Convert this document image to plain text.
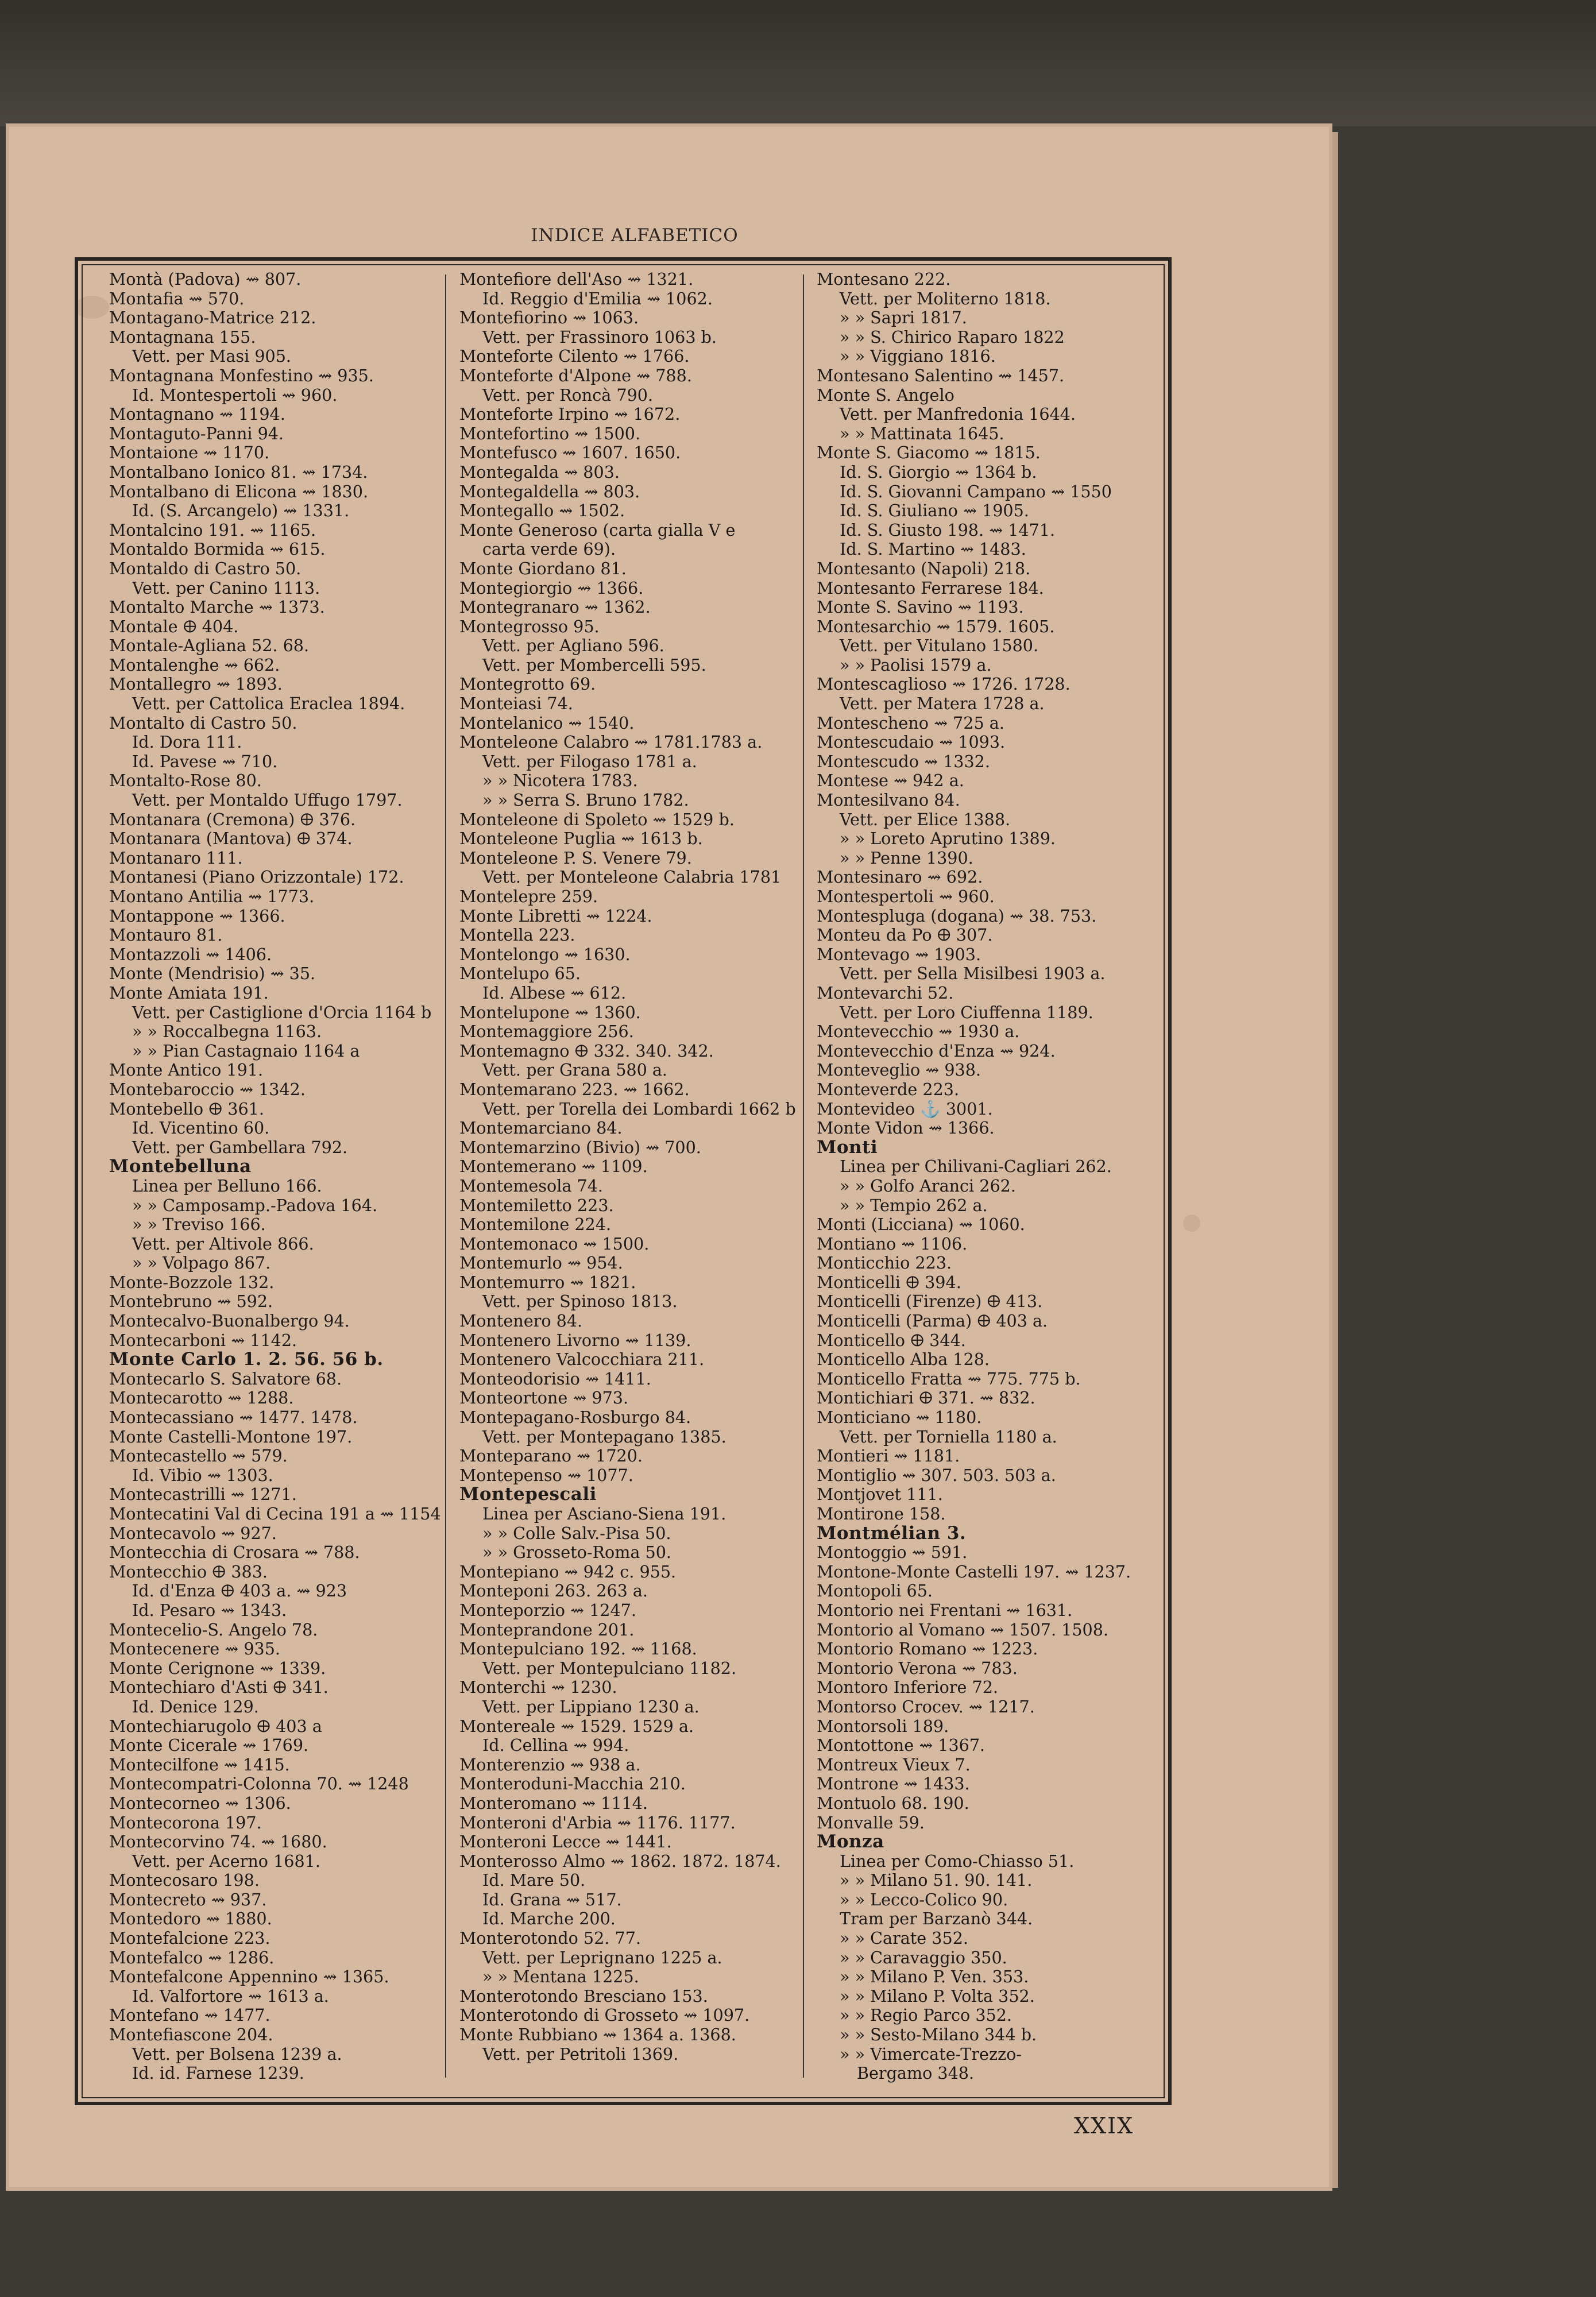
INDICE ALFABETICO
Montà (Padova) ⇝ 807.
Montafia ⇝ 570.
Montagano-Matrice 212.
Montagnana 155.
Vett. per Masi 905.
Montagnana Monfestino ⇝ 935.
Id. Montespertoli ⇝ 960.
Montagnano ⇝ 1194.
Montaguto-Panni 94.
Montaione ⇝ 1170.
Montalbano Ionico 81. ⇝ 1734.
Montalbano di Elicona ⇝ 1830.
Id. (S. Arcangelo) ⇝ 1331.
Montalcino 191. ⇝ 1165.
Montaldo Bormida ⇝ 615.
Montaldo di Castro 50.
Vett. per Canino 1113.
Montalto Marche ⇝ 1373.
Montale 🜨 404.
Montale-Agliana 52. 68.
Montalenghe ⇝ 662.
Montallegro ⇝ 1893.
Vett. per Cattolica Eraclea 1894.
Montalto di Castro 50.
Id. Dora 111.
Id. Pavese ⇝ 710.
Montalto-Rose 80.
Vett. per Montaldo Uffugo 1797.
Montanara (Cremona) 🜨 376.
Montanara (Mantova) 🜨 374.
Montanaro 111.
Montanesi (Piano Orizzontale) 172.
Montano Antilia ⇝ 1773.
Montappone ⇝ 1366.
Montauro 81.
Montazzoli ⇝ 1406.
Monte (Mendrisio) ⇝ 35.
Monte Amiata 191.
Vett. per Castiglione d'Orcia 1164 b
» » Roccalbegna 1163.
» » Pian Castagnaio 1164 a
Monte Antico 191.
Montebaroccio ⇝ 1342.
Montebello 🜨 361.
Id. Vicentino 60.
Vett. per Gambellara 792.
Montebelluna
Linea per Belluno 166.
» » Camposamp.-Padova 164.
» » Treviso 166.
Vett. per Altivole 866.
» » Volpago 867.
Monte-Bozzole 132.
Montebruno ⇝ 592.
Montecalvo-Buonalbergo 94.
Montecarboni ⇝ 1142.
Monte Carlo 1. 2. 56. 56 b.
Montecarlo S. Salvatore 68.
Montecarotto ⇝ 1288.
Montecassiano ⇝ 1477. 1478.
Monte Castelli-Montone 197.
Montecastello ⇝ 579.
Id. Vibio ⇝ 1303.
Montecastrilli ⇝ 1271.
Montecatini Val di Cecina 191 a ⇝ 1154
Montecavolo ⇝ 927.
Montecchia di Crosara ⇝ 788.
Montecchio 🜨 383.
Id. d'Enza 🜨 403 a. ⇝ 923
Id. Pesaro ⇝ 1343.
Montecelio-S. Angelo 78.
Montecenere ⇝ 935.
Monte Cerignone ⇝ 1339.
Montechiaro d'Asti 🜨 341.
Id. Denice 129.
Montechiarugolo 🜨 403 a
Monte Cicerale ⇝ 1769.
Montecilfone ⇝ 1415.
Montecompatri-Colonna 70. ⇝ 1248
Montecorneo ⇝ 1306.
Montecorona 197.
Montecorvino 74. ⇝ 1680.
Vett. per Acerno 1681.
Montecosaro 198.
Montecreto ⇝ 937.
Montedoro ⇝ 1880.
Montefalcione 223.
Montefalco ⇝ 1286.
Montefalcone Appennino ⇝ 1365.
Id. Valfortore ⇝ 1613 a.
Montefano ⇝ 1477.
Montefiascone 204.
Vett. per Bolsena 1239 a.
Id. id. Farnese 1239.
Montefiore dell'Aso ⇝ 1321.
Id. Reggio d'Emilia ⇝ 1062.
Montefiorino ⇝ 1063.
Vett. per Frassinoro 1063 b.
Monteforte Cilento ⇝ 1766.
Monteforte d'Alpone ⇝ 788.
Vett. per Roncà 790.
Monteforte Irpino ⇝ 1672.
Montefortino ⇝ 1500.
Montefusco ⇝ 1607. 1650.
Montegalda ⇝ 803.
Montegaldella ⇝ 803.
Montegallo ⇝ 1502.
Monte Generoso (carta gialla V e
carta verde 69).
Monte Giordano 81.
Montegiorgio ⇝ 1366.
Montegranaro ⇝ 1362.
Montegrosso 95.
Vett. per Agliano 596.
Vett. per Mombercelli 595.
Montegrotto 69.
Monteiasi 74.
Montelanico ⇝ 1540.
Monteleone Calabro ⇝ 1781.1783 a.
Vett. per Filogaso 1781 a.
» » Nicotera 1783.
» » Serra S. Bruno 1782.
Monteleone di Spoleto ⇝ 1529 b.
Monteleone Puglia ⇝ 1613 b.
Monteleone P. S. Venere 79.
Vett. per Monteleone Calabria 1781
Montelepre 259.
Monte Libretti ⇝ 1224.
Montella 223.
Montelongo ⇝ 1630.
Montelupo 65.
Id. Albese ⇝ 612.
Montelupone ⇝ 1360.
Montemaggiore 256.
Montemagno 🜨 332. 340. 342.
Vett. per Grana 580 a.
Montemarano 223. ⇝ 1662.
Vett. per Torella dei Lombardi 1662 b
Montemarciano 84.
Montemarzino (Bivio) ⇝ 700.
Montemerano ⇝ 1109.
Montemesola 74.
Montemiletto 223.
Montemilone 224.
Montemonaco ⇝ 1500.
Montemurlo ⇝ 954.
Montemurro ⇝ 1821.
Vett. per Spinoso 1813.
Montenero 84.
Montenero Livorno ⇝ 1139.
Montenero Valcocchiara 211.
Monteodorisio ⇝ 1411.
Monteortone ⇝ 973.
Montepagano-Rosburgo 84.
Vett. per Montepagano 1385.
Monteparano ⇝ 1720.
Montepenso ⇝ 1077.
Montepescali
Linea per Asciano-Siena 191.
» » Colle Salv.-Pisa 50.
» » Grosseto-Roma 50.
Montepiano ⇝ 942 c. 955.
Monteponi 263. 263 a.
Monteporzio ⇝ 1247.
Monteprandone 201.
Montepulciano 192. ⇝ 1168.
Vett. per Montepulciano 1182.
Monterchi ⇝ 1230.
Vett. per Lippiano 1230 a.
Montereale ⇝ 1529. 1529 a.
Id. Cellina ⇝ 994.
Monterenzio ⇝ 938 a.
Monteroduni-Macchia 210.
Monteromano ⇝ 1114.
Monteroni d'Arbia ⇝ 1176. 1177.
Monteroni Lecce ⇝ 1441.
Monterosso Almo ⇝ 1862. 1872. 1874.
Id. Mare 50.
Id. Grana ⇝ 517.
Id. Marche 200.
Monterotondo 52. 77.
Vett. per Leprignano 1225 a.
» » Mentana 1225.
Monterotondo Bresciano 153.
Monterotondo di Grosseto ⇝ 1097.
Monte Rubbiano ⇝ 1364 a. 1368.
Vett. per Petritoli 1369.
Montesano 222.
Vett. per Moliterno 1818.
» » Sapri 1817.
» » S. Chirico Raparo 1822
» » Viggiano 1816.
Montesano Salentino ⇝ 1457.
Monte S. Angelo
Vett. per Manfredonia 1644.
» » Mattinata 1645.
Monte S. Giacomo ⇝ 1815.
Id. S. Giorgio ⇝ 1364 b.
Id. S. Giovanni Campano ⇝ 1550
Id. S. Giuliano ⇝ 1905.
Id. S. Giusto 198. ⇝ 1471.
Id. S. Martino ⇝ 1483.
Montesanto (Napoli) 218.
Montesanto Ferrarese 184.
Monte S. Savino ⇝ 1193.
Montesarchio ⇝ 1579. 1605.
Vett. per Vitulano 1580.
» » Paolisi 1579 a.
Montescaglioso ⇝ 1726. 1728.
Vett. per Matera 1728 a.
Montescheno ⇝ 725 a.
Montescudaio ⇝ 1093.
Montescudo ⇝ 1332.
Montese ⇝ 942 a.
Montesilvano 84.
Vett. per Elice 1388.
» » Loreto Aprutino 1389.
» » Penne 1390.
Montesinaro ⇝ 692.
Montespertoli ⇝ 960.
Montespluga (dogana) ⇝ 38. 753.
Monteu da Po 🜨 307.
Montevago ⇝ 1903.
Vett. per Sella Misilbesi 1903 a.
Montevarchi 52.
Vett. per Loro Ciuffenna 1189.
Montevecchio ⇝ 1930 a.
Montevecchio d'Enza ⇝ 924.
Monteveglio ⇝ 938.
Monteverde 223.
Montevideo ⚓ 3001.
Monte Vidon ⇝ 1366.
Monti
Linea per Chilivani-Cagliari 262.
» » Golfo Aranci 262.
» » Tempio 262 a.
Monti (Licciana) ⇝ 1060.
Montiano ⇝ 1106.
Monticchio 223.
Monticelli 🜨 394.
Monticelli (Firenze) 🜨 413.
Monticelli (Parma) 🜨 403 a.
Monticello 🜨 344.
Monticello Alba 128.
Monticello Fratta ⇝ 775. 775 b.
Montichiari 🜨 371. ⇝ 832.
Monticiano ⇝ 1180.
Vett. per Torniella 1180 a.
Montieri ⇝ 1181.
Montiglio ⇝ 307. 503. 503 a.
Montjovet 111.
Montirone 158.
Montmélian 3.
Montoggio ⇝ 591.
Montone-Monte Castelli 197. ⇝ 1237.
Montopoli 65.
Montorio nei Frentani ⇝ 1631.
Montorio al Vomano ⇝ 1507. 1508.
Montorio Romano ⇝ 1223.
Montorio Verona ⇝ 783.
Montoro Inferiore 72.
Montorso Crocev. ⇝ 1217.
Montorsoli 189.
Montottone ⇝ 1367.
Montreux Vieux 7.
Montrone ⇝ 1433.
Montuolo 68. 190.
Monvalle 59.
Monza
Linea per Como-Chiasso 51.
» » Milano 51. 90. 141.
» » Lecco-Colico 90.
Tram per Barzanò 344.
» » Carate 352.
» » Caravaggio 350.
» » Milano P. Ven. 353.
» » Milano P. Volta 352.
» » Regio Parco 352.
» » Sesto-Milano 344 b.
» » Vimercate-Trezzo-
Bergamo 348.
XXIX
